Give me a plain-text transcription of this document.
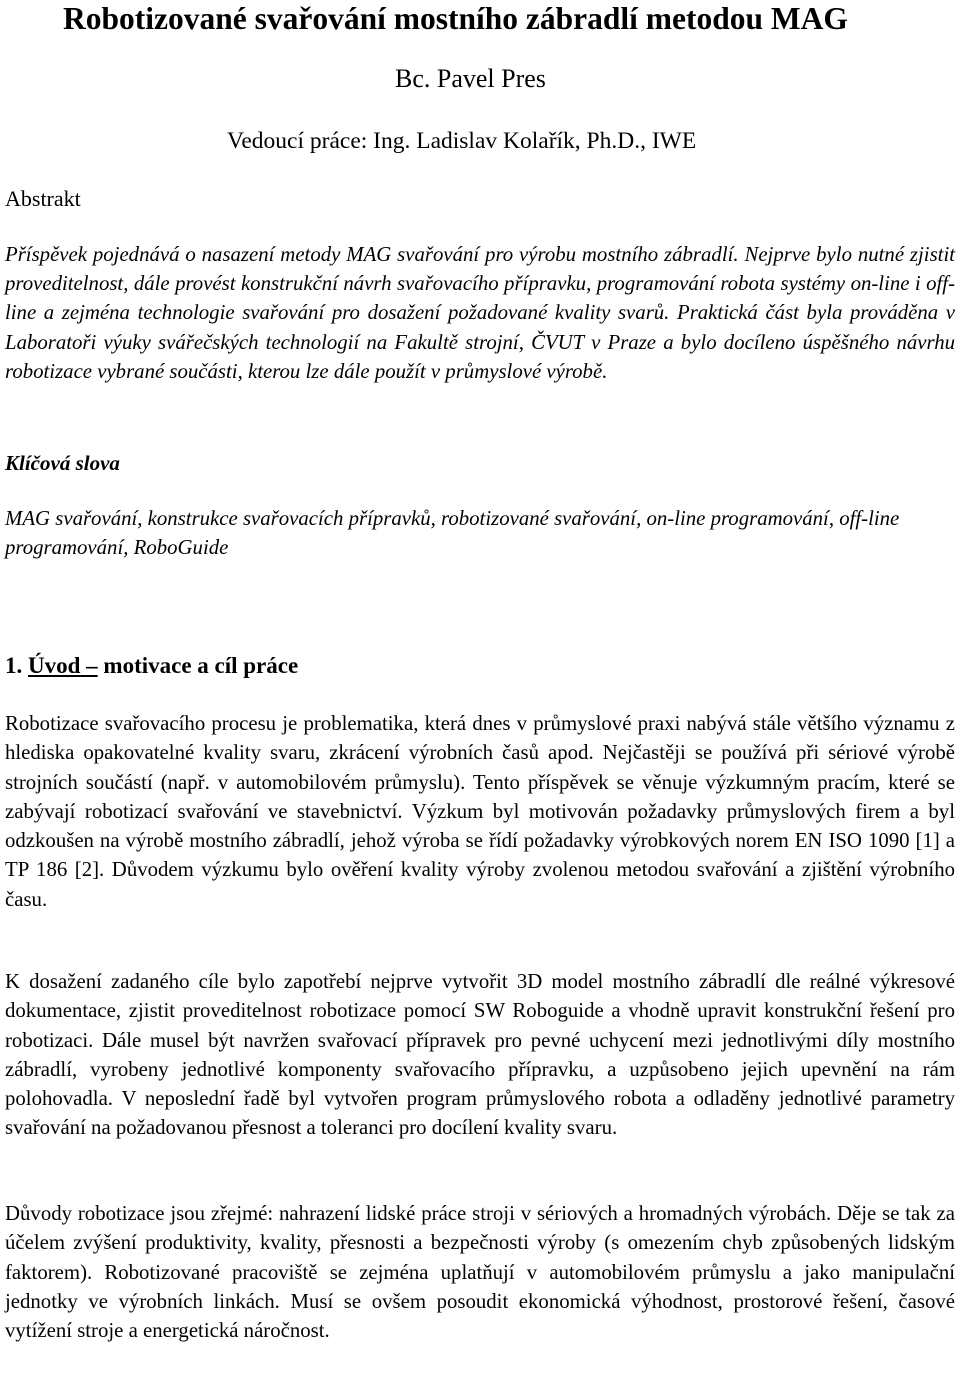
Robotizované svařování mostního zábradlí metodou MAG
Bc. Pavel Pres
Vedoucí práce: Ing. Ladislav Kolařík, Ph.D., IWE
Abstrakt

Příspěvek pojednává o nasazení metody MAG svařování pro výrobu mostního zábradlí. Nejprve bylo nutné zjistit proveditelnost, dále provést konstrukční návrh svařovacího přípravku, programování robota systémy on-line i off-line a zejména technologie svařování pro dosažení požadované kvality svarů. Praktická část byla prováděna v Laboratoři výuky svářečských technologií na Fakultě strojní, ČVUT v Praze a bylo docíleno úspěšného návrhu robotizace vybrané součásti, kterou lze dále použít v průmyslové výrobě.

Klíčová slova

MAG svařování, konstrukce svařovacích přípravků, robotizované svařování, on-line programování, off-line programování, RoboGuide

1. Úvod – motivace a cíl práce

Robotizace svařovacího procesu je problematika, která dnes v průmyslové praxi nabývá stále většího významu z hlediska opakovatelné kvality svaru, zkrácení výrobních časů apod. Nejčastěji se používá při sériové výrobě strojních součástí (např. v automobilovém průmyslu). Tento příspěvek se věnuje výzkumným pracím, které se zabývají robotizací svařování ve stavebnictví. Výzkum byl motivován požadavky průmyslových firem a byl odzkoušen na výrobě mostního zábradlí, jehož výroba se řídí požadavky výrobkových norem EN ISO 1090 [1] a TP 186 [2]. Důvodem výzkumu bylo ověření kvality výroby zvolenou metodou svařování a zjištění výrobního času.

K dosažení zadaného cíle bylo zapotřebí nejprve vytvořit 3D model mostního zábradlí dle reálné výkresové dokumentace, zjistit proveditelnost robotizace pomocí SW Roboguide a vhodně upravit konstrukční řešení pro robotizaci. Dále musel být navržen svařovací přípravek pro pevné uchycení mezi jednotlivými díly mostního zábradlí, vyrobeny jednotlivé komponenty svařovacího přípravku, a uzpůsobeno jejich upevnění na rám polohovadla. V neposlední řadě byl vytvořen program průmyslového robota a odladěny jednotlivé parametry svařování na požadovanou přesnost a toleranci pro docílení kvality svaru.

Důvody robotizace jsou zřejmé: nahrazení lidské práce stroji v sériových a hromadných výrobách. Děje se tak za účelem zvýšení produktivity, kvality, přesnosti a bezpečnosti výroby (s omezením chyb způsobených lidským faktorem). Robotizované pracoviště se zejména uplatňují v automobilovém průmyslu a jako manipulační jednotky ve výrobních linkách. Musí se ovšem posoudit ekonomická výhodnost, prostorové řešení, časové vytížení stroje a energetická náročnost.
